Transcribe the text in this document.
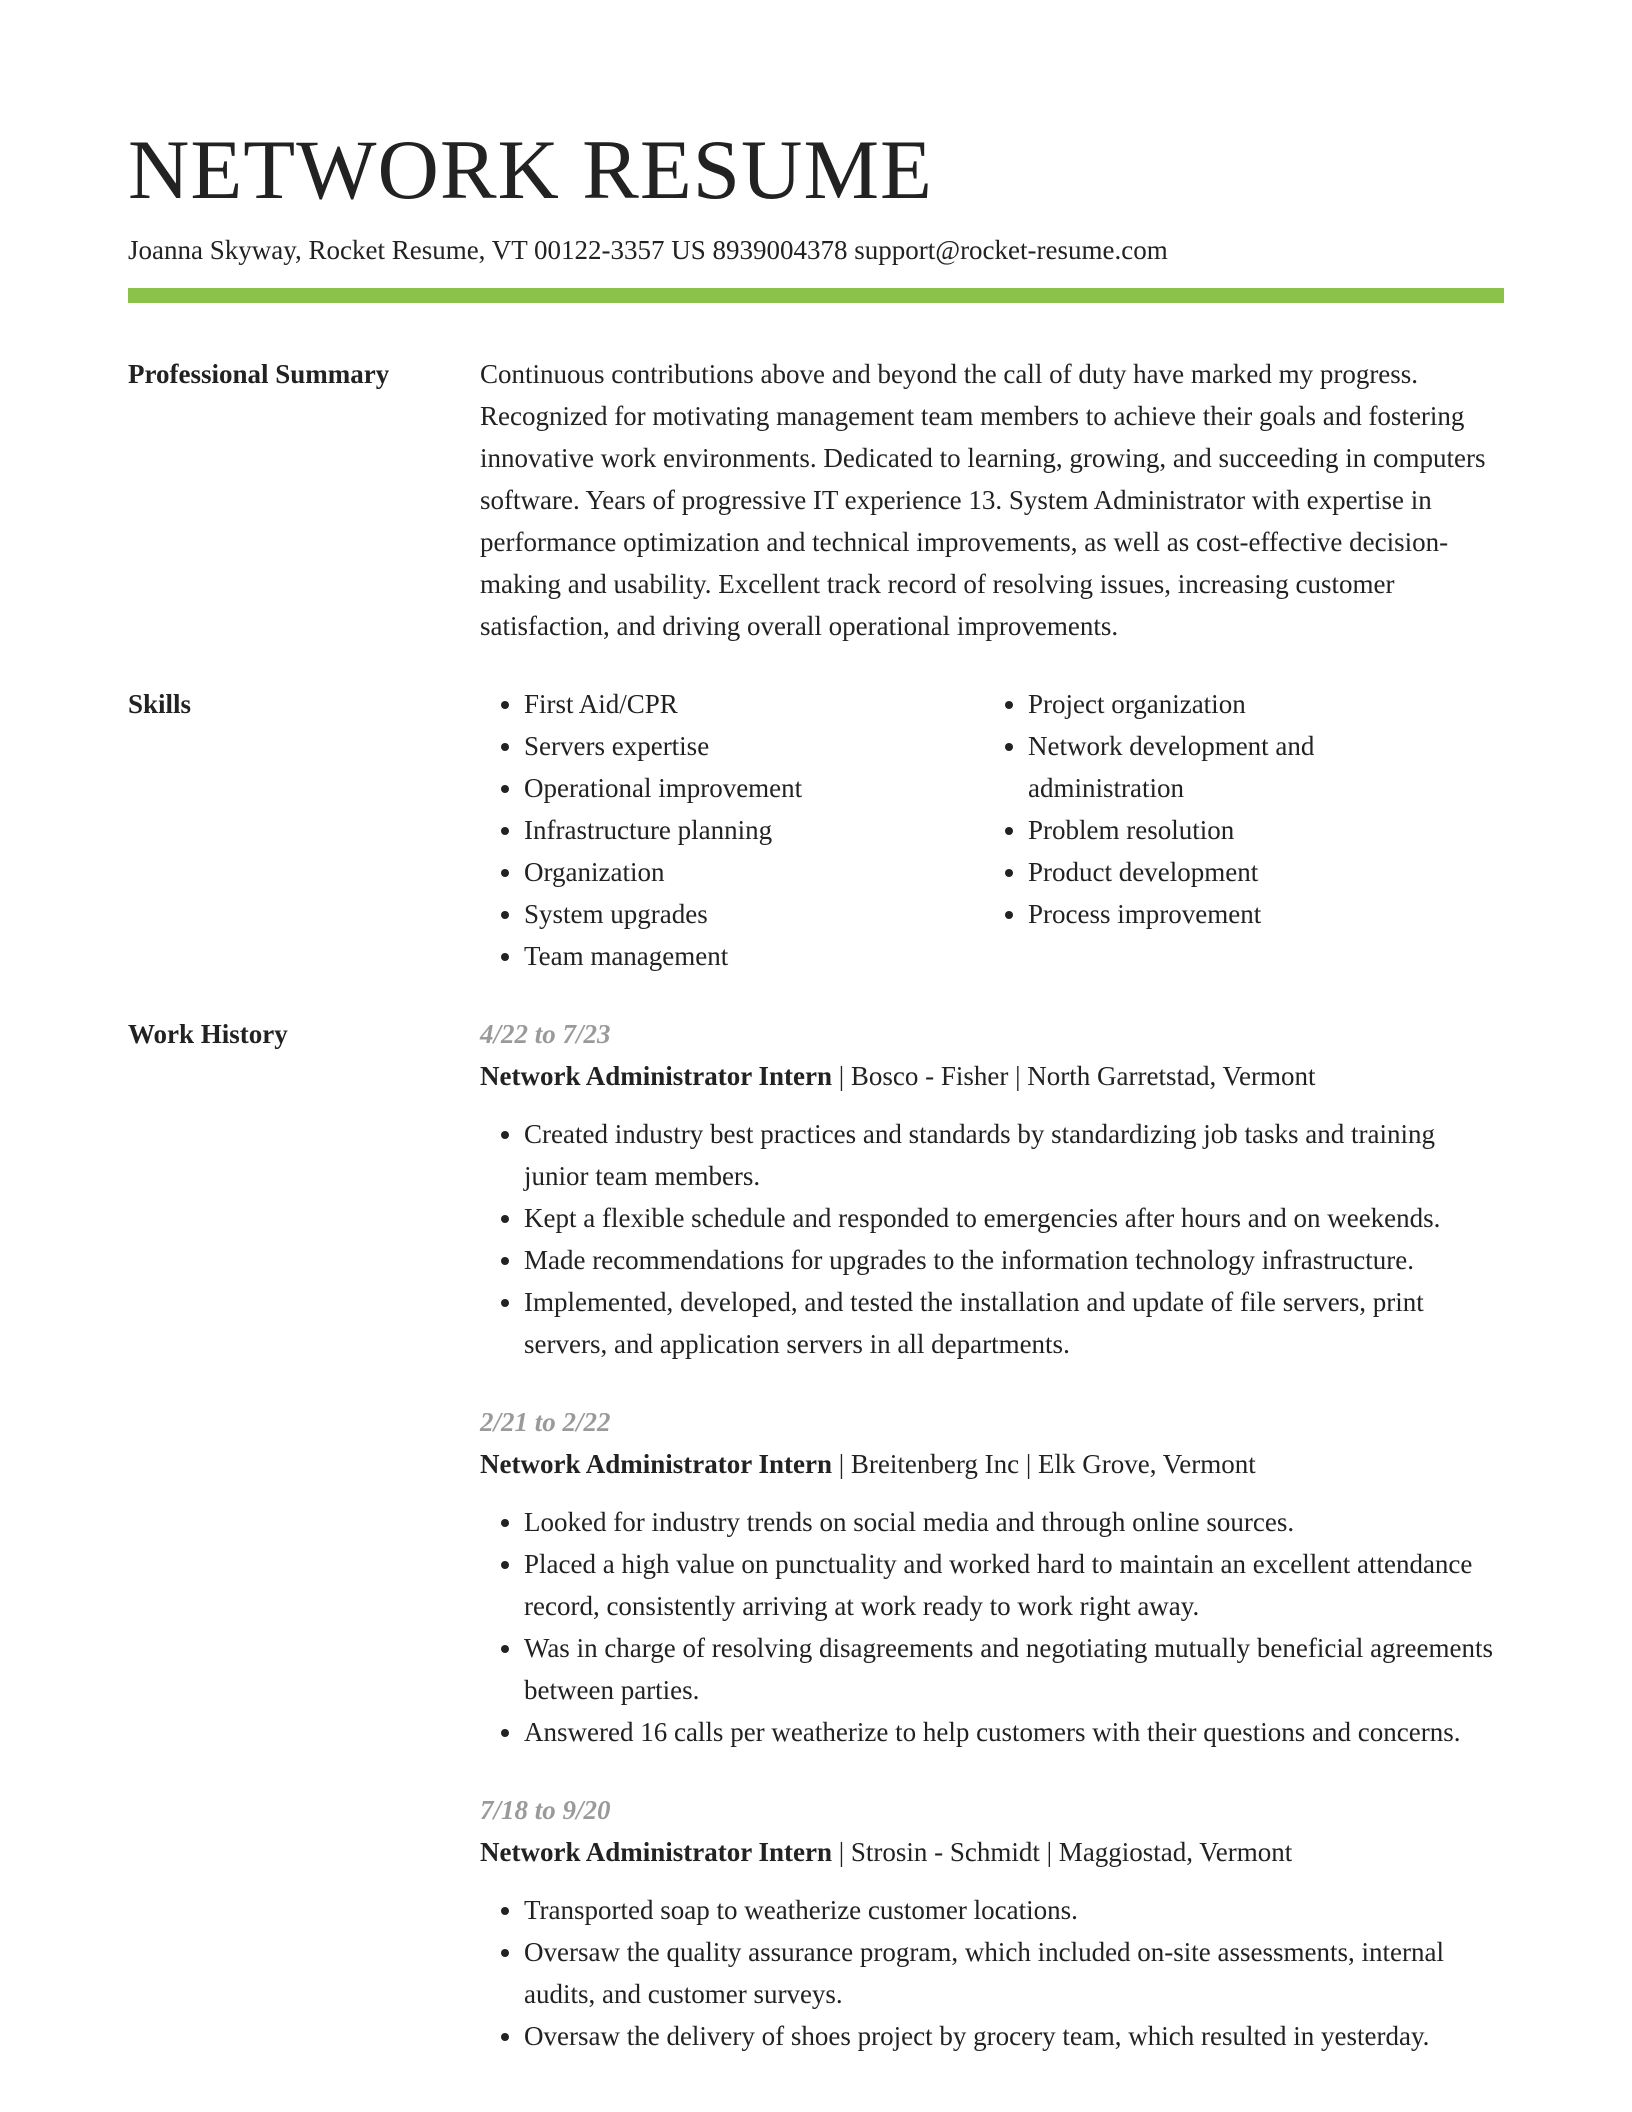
NETWORK RESUME
Joanna Skyway, Rocket Resume, VT 00122-3357 US 8939004378 support@rocket-resume.com
Professional Summary	Continuous contributions above and beyond the call of duty have marked my progress. Recognized for motivating management team members to achieve their goals and fostering innovative work environments. Dedicated to learning, growing, and succeeding in computers software. Years of progressive IT experience 13. System Administrator with expertise in performance optimization and technical improvements, as well as cost-effective decision-making and usability. Excellent track record of resolving issues, increasing customer satisfaction, and driving overall operational improvements.

Skills
•	First Aid/CPR
• Servers expertise
• Operational improvement
• Infrastructure planning
• Organization
• System upgrades
• Team management
• Project organization
• Network development and administration
• Problem resolution
• Product development
• Process improvement
Work History	4/22 to 7/23
Network Administrator Intern | Bosco - Fisher | North Garretstad, Vermont
• Created industry best practices and standards by standardizing job tasks and training junior team members.
• Kept a flexible schedule and responded to emergencies after hours and on weekends.
• Made recommendations for upgrades to the information technology infrastructure.
• Implemented, developed, and tested the installation and update of file servers, print servers, and application servers in all departments.
2/21 to 2/22
Network Administrator Intern | Breitenberg Inc | Elk Grove, Vermont
• Looked for industry trends on social media and through online sources.
• Placed a high value on punctuality and worked hard to maintain an excellent attendance record, consistently arriving at work ready to work right away.
• Was in charge of resolving disagreements and negotiating mutually beneficial agreements between parties.
• Answered 16 calls per weatherize to help customers with their questions and concerns.
7/18 to 9/20
Network Administrator Intern | Strosin - Schmidt | Maggiostad, Vermont
• Transported soap to weatherize customer locations.
• Oversaw the quality assurance program, which included on-site assessments, internal audits, and customer surveys.
• Oversaw the delivery of shoes project by grocery team, which resulted in yesterday.
